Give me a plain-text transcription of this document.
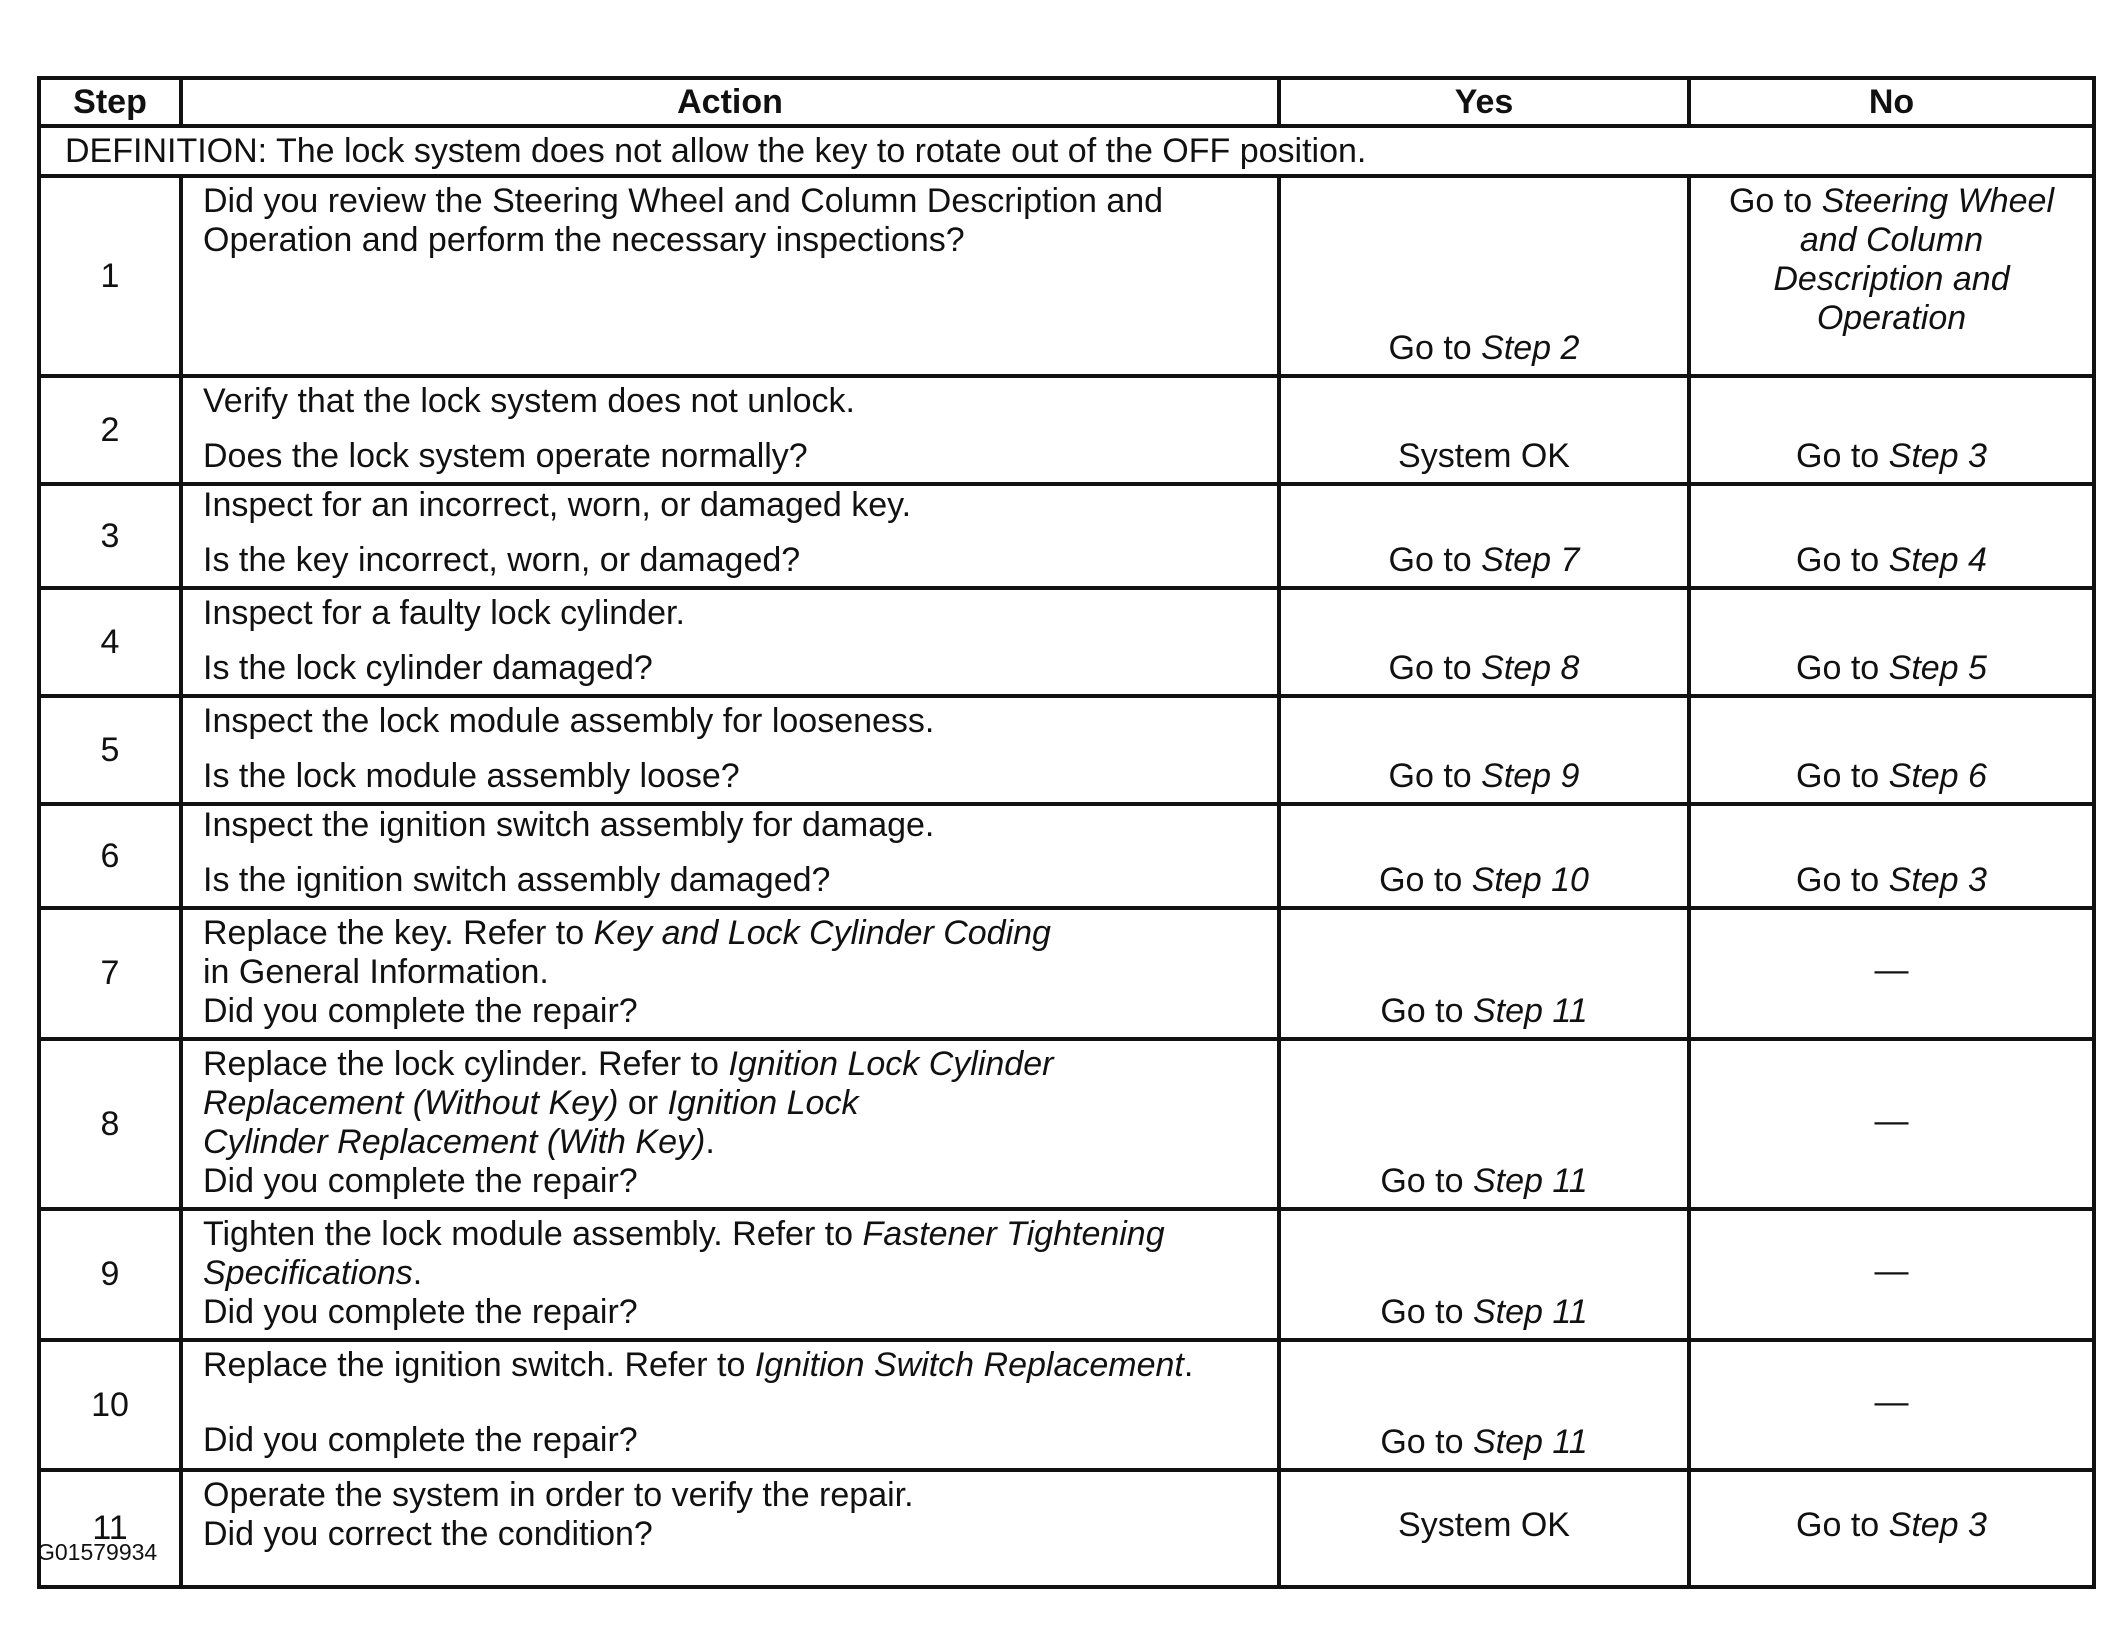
Step	Action	Yes	No
DEFINITION: The lock system does not allow the key to rotate out of the OFF position.			
1	Did you review the Steering Wheel and Column Description and
Operation and perform the necessary inspections?	Go to Step 2	Go to Steering Wheel
and Column
Description and
Operation

2	Verify that the lock system does not unlock.
Does the lock system operate normally?	System OK	Go to Step 3
3	Inspect for an incorrect, worn, or damaged key.
Is the key incorrect, worn, or damaged?	Go to Step 7	Go to Step 4
4	Inspect for a faulty lock cylinder.
Is the lock cylinder damaged?	Go to Step 8	Go to Step 5
5	Inspect the lock module assembly for looseness.
Is the lock module assembly loose?	Go to Step 9	Go to Step 6
6	Inspect the ignition switch assembly for damage.
Is the ignition switch assembly damaged?	Go to Step 10	Go to Step 3
7	Replace the key. Refer to Key and Lock Cylinder Coding
in General Information.
Did you complete the repair?	Go to Step 11	—
8	Replace the lock cylinder. Refer to Ignition Lock Cylinder
Replacement (Without Key) or Ignition Lock
Cylinder Replacement (With Key).
Did you complete the repair?	Go to Step 11	—
9	Tighten the lock module assembly. Refer to Fastener Tightening
Specifications.
Did you complete the repair?	Go to Step 11	—
10	Replace the ignition switch. Refer to Ignition Switch Replacement.
Did you complete the repair?	Go to Step 11	—
11	Operate the system in order to verify the repair.
Did you correct the condition?	System OK	Go to Step 3
G01579934
